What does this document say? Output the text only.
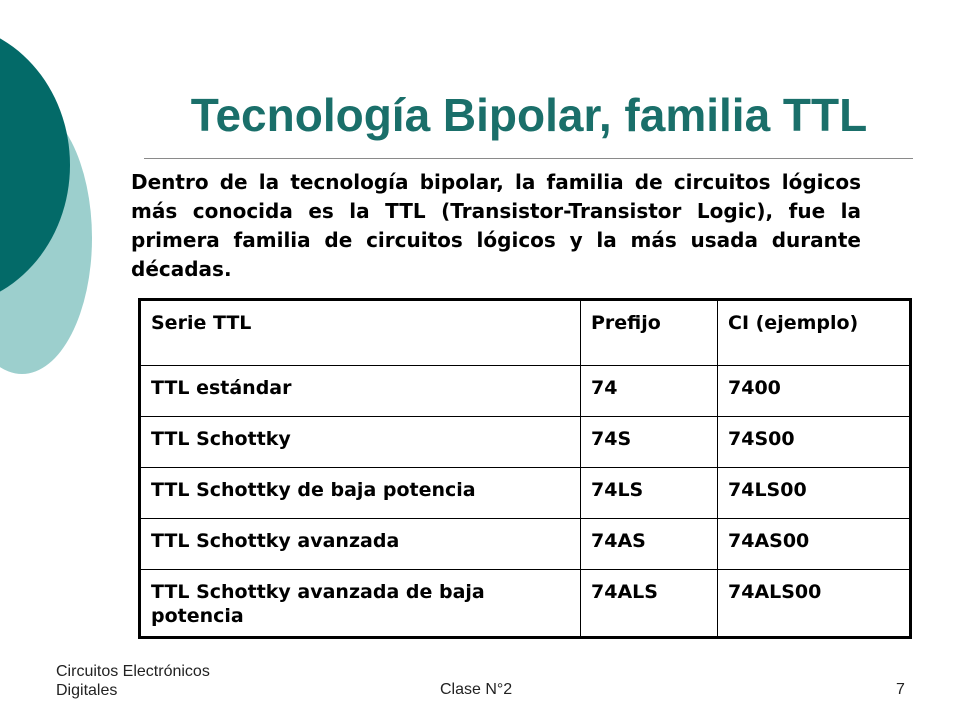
Tecnología Bipolar, familia TTL

Dentro de la tecnología bipolar, la familia de circuitos lógicos más conocida es la TTL (Transistor-Transistor Logic), fue la primera familia de circuitos lógicos y la más usada durante décadas.

Serie TTL	Prefijo	CI (ejemplo)
TTL estándar	74	7400
TTL Schottky	74S	74S00
TTL Schottky de baja potencia	74LS	74LS00
TTL Schottky avanzada	74AS	74AS00
TTL Schottky avanzada de baja potencia	74ALS	74ALS00
Circuitos Electrónicos
Digitales	Clase N°2	7
